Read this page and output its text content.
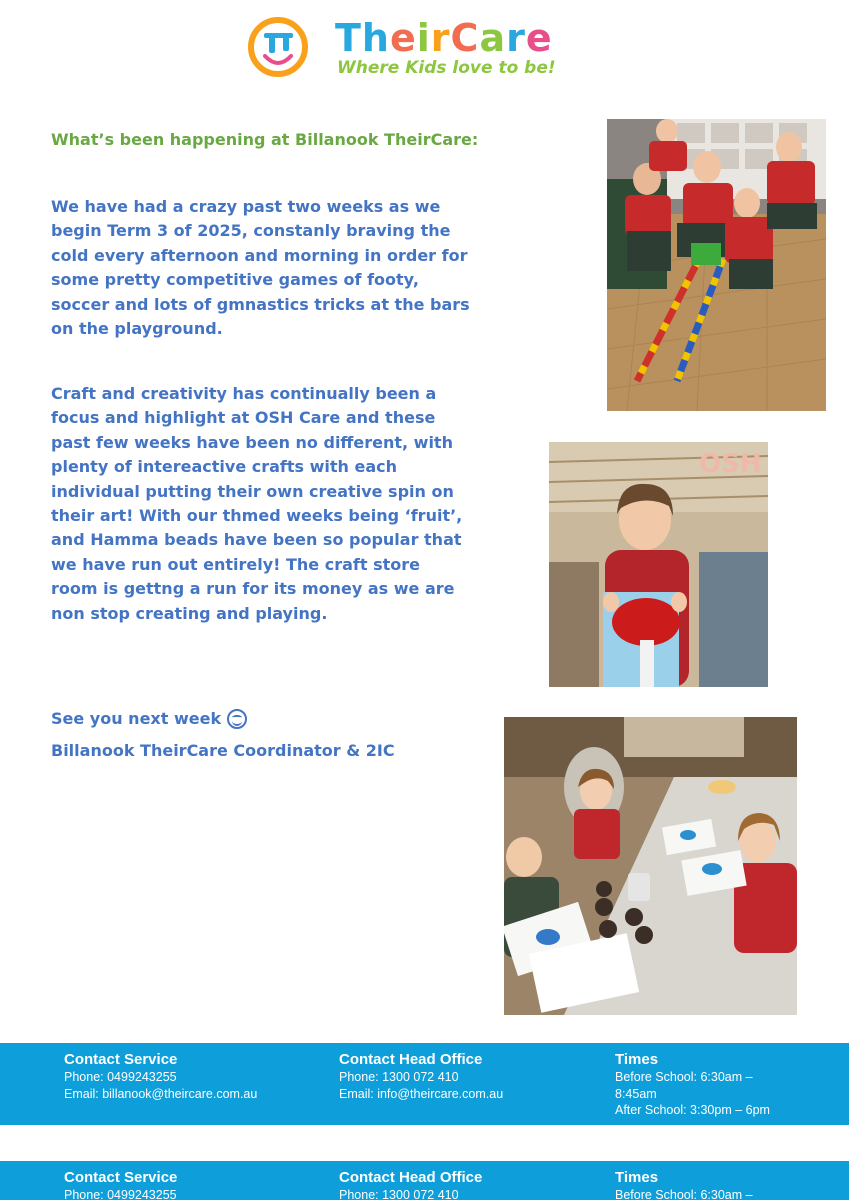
TheirCare
Where Kids love to be!
What’s been happening at Billanook TheirCare:

We have had a crazy past two weeks as we begin Term 3 of 2025, constanly braving the cold every afternoon and morning in order for some pretty competitive games of footy, soccer and lots of gmnastics tricks at the bars on the playground.

Craft and creativity has continually been a focus and highlight at OSH Care and these past few weeks have been no different, with plenty of intereactive crafts with each individual putting their own creative spin on their art! With our thmed weeks being ‘fruit’, and Hamma beads have been so popular that we have run out entirely! The craft store room is gettng a run for its money as we are non stop creating and playing.

See you next week
Billanook TheirCare Coordinator & 2IC
OSH
Contact Service
Phone: 0499243255
Email: billanook@theircare.com.au
Contact Head Office
Phone: 1300 072 410
Email: info@theircare.com.au
Times
Before School: 6:30am –
8:45am
After School: 3:30pm – 6pm
Contact Service
Phone: 0499243255
Contact Head Office
Phone: 1300 072 410
Times
Before School: 6:30am –
